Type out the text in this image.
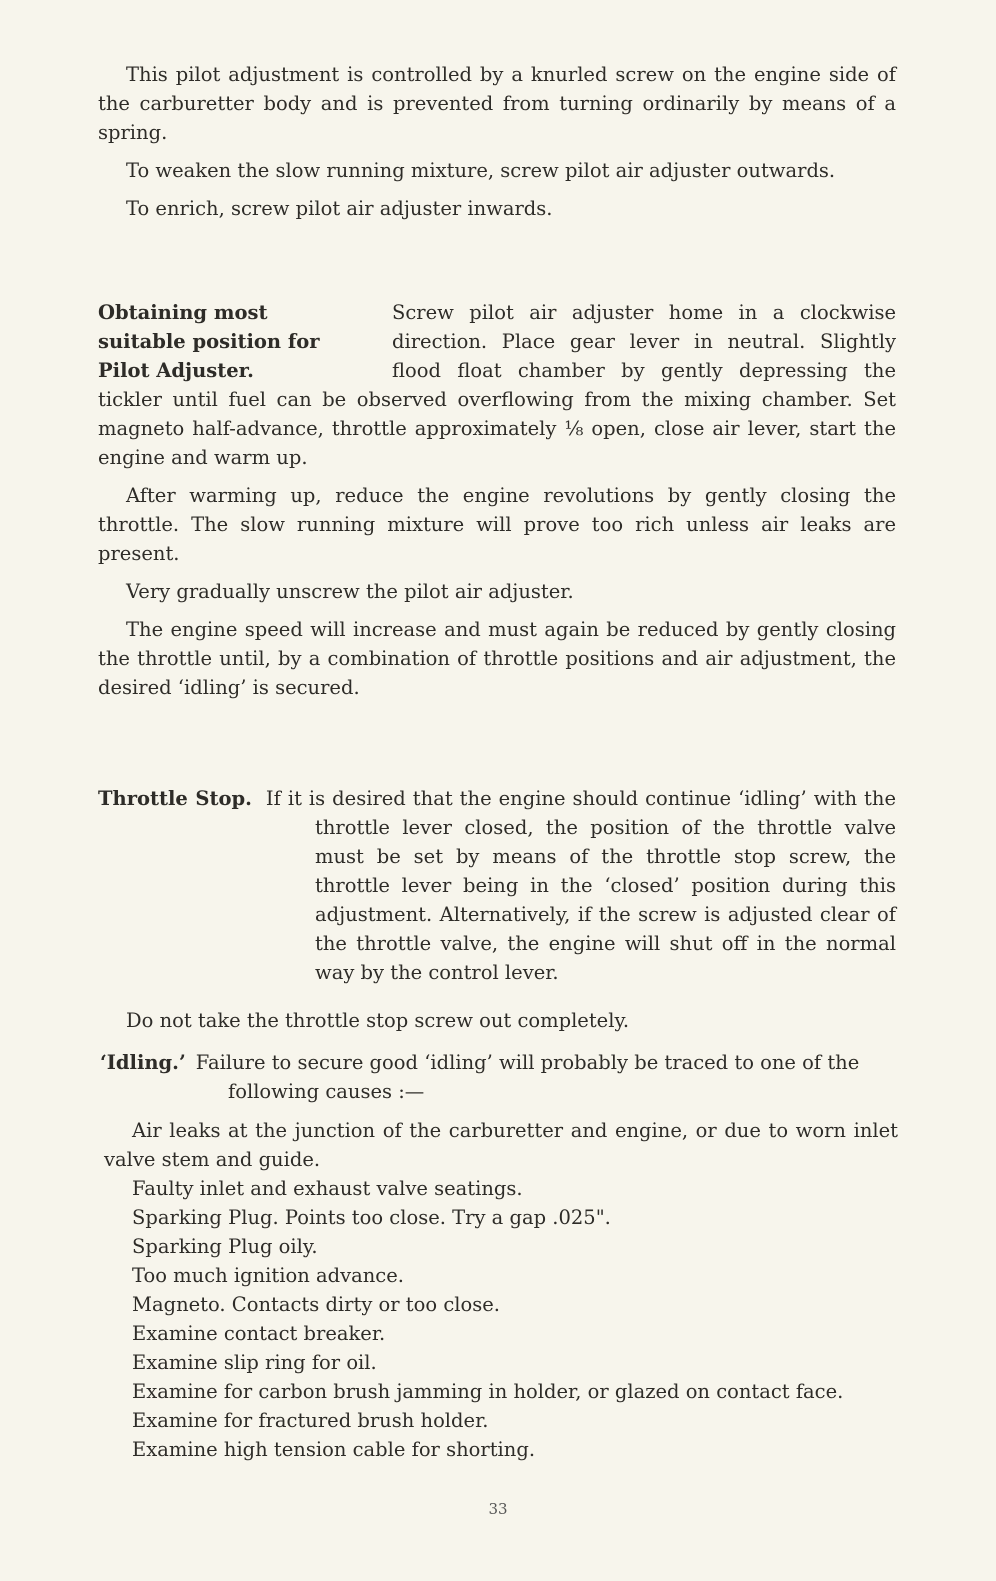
This pilot adjustment is controlled by a knurled screw on the engine side of the carburetter body and is prevented from turning ordinarily by means of a spring.

To weaken the slow running mixture, screw pilot air adjuster outwards.

To enrich, screw pilot air adjuster inwards.

Obtaining most
suitable position for
Pilot Adjuster.

Screw pilot air adjuster home in a clockwise direction. Place gear lever in neutral. Slightly flood float chamber by gently depressing the tickler until fuel can be observed overflowing from the mixing chamber. Set magneto half-advance, throttle approximately ⅛ open, close air lever, start the engine and warm up.

After warming up, reduce the engine revolutions by gently closing the throttle. The slow running mixture will prove too rich unless air leaks are present.

Very gradually unscrew the pilot air adjuster.

The engine speed will increase and must again be reduced by gently closing the throttle until, by a combination of throttle positions and air adjustment, the desired ‘idling’ is secured.

Throttle Stop. If it is desired that the engine should continue ‘idling’ with the throttle lever closed, the position of the throttle valve must be set by means of the throttle stop screw, the throttle lever being in the ‘closed’ position during this adjustment. Alternatively, if the screw is adjusted clear of the throttle valve, the engine will shut off in the normal way by the control lever.

Do not take the throttle stop screw out completely.

‘Idling.’ Failure to secure good ‘idling’ will probably be traced to one of the following causes :—

Air leaks at the junction of the carburetter and engine, or due to worn inlet valve stem and guide.
Faulty inlet and exhaust valve seatings.
Sparking Plug. Points too close. Try a gap .025".
Sparking Plug oily.
Too much ignition advance.
Magneto. Contacts dirty or too close.
Examine contact breaker.
Examine slip ring for oil.
Examine for carbon brush jamming in holder, or glazed on contact face.
Examine for fractured brush holder.
Examine high tension cable for shorting.
33
